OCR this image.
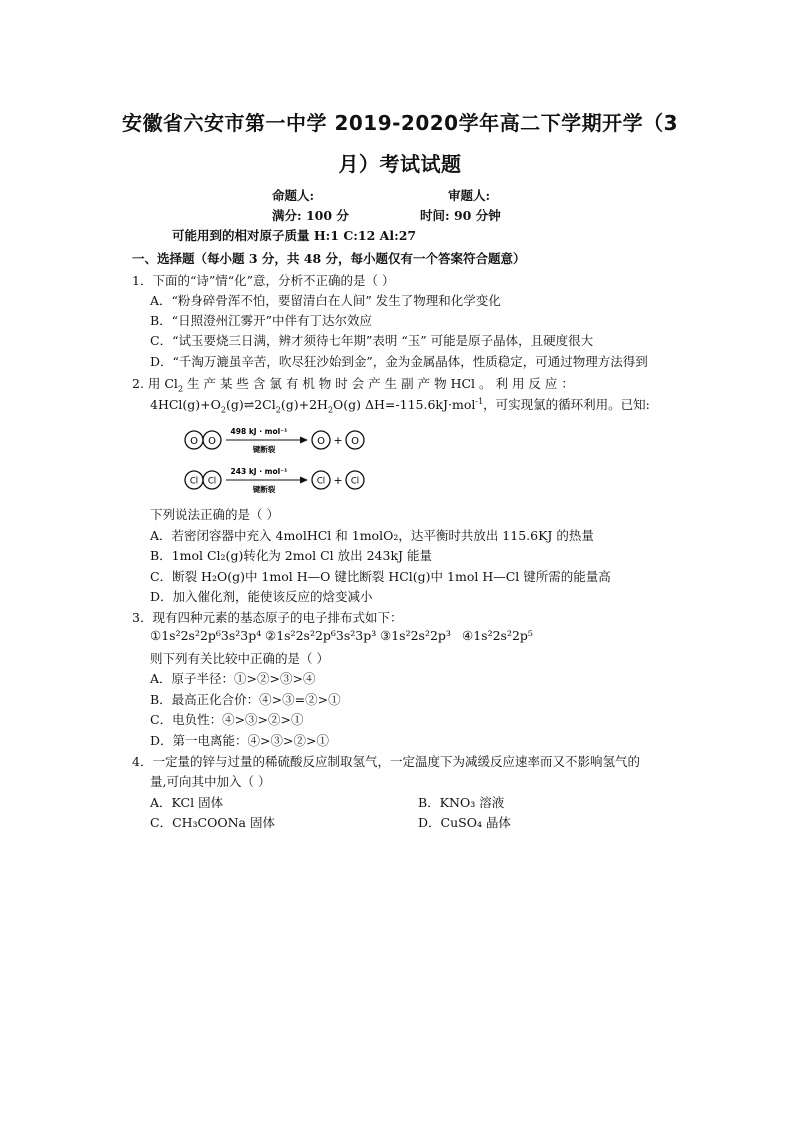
安徽省六安市第一中学 2019-2020学年高二下学期开学（3
月）考试试题
命题人:	审题人:
满分: 100 分	时间: 90 分钟
可能用到的相对原子质量 H:1 C:12 Al:27
一、选择题（每小题 3 分，共 48 分，每小题仅有一个答案符合题意）
1．下面的“诗”情“化”意，分析不正确的是（ ）
A．“粉身碎骨浑不怕，要留清白在人间” 发生了物理和化学变化
B．“日照澄州江雾开”中伴有丁达尔效应
C．“试玉要烧三日满，辨才须待七年期”表明 “玉” 可能是原子晶体，且硬度很大
D．“千淘万漉虽辛苦，吹尽狂沙始到金”，金为金属晶体，性质稳定，可通过物理方法得到
2. 用 $Cl_2$ 生 产 某 些 含 氯 有 机 物 时 会 产 生 副 产 物 HCl 。 利 用 反 应 ：
$4HCl(g)+O_2(g)\rightleftharpoons 2Cl_2(g)+2H_2O(g)$ ΔH=-115.6kJ·mol$^{-1}$，可实现氯的循环利用。已知:
O O
498 kJ · mol⁻¹
键断裂
O + O
Cl Cl
243 kJ · mol⁻¹
键断裂
Cl + Cl
下列说法正确的是（ ）
A．若密闭容器中充入 4molHCl 和 1molO₂，达平衡时共放出 115.6KJ 的热量
B．1mol Cl₂(g)转化为 2mol Cl 放出 243kJ 能量
C．断裂 H₂O(g)中 1mol H—O 键比断裂 HCl(g)中 1mol H—Cl 键所需的能量高
D．加入催化剂，能使该反应的焓变减小
3．现有四种元素的基态原子的电子排布式如下：
①1s²2s²2p⁶3s²3p⁴ ②1s²2s²2p⁶3s²3p³ ③1s²2s²2p³ ④1s²2s²2p⁵
则下列有关比较中正确的是（ ）
A．原子半径：①>②>③>④
B．最高正化合价：④>③=②>①
C．电负性：④>③>②>①
D．第一电离能：④>③>②>①
4．一定量的锌与过量的稀硫酸反应制取氢气，一定温度下为减缓反应速率而又不影响氢气的
量,可向其中加入（ ）
A．KCl 固体	B．KNO₃ 溶液
C．CH₃COONa 固体	D．CuSO₄ 晶体
